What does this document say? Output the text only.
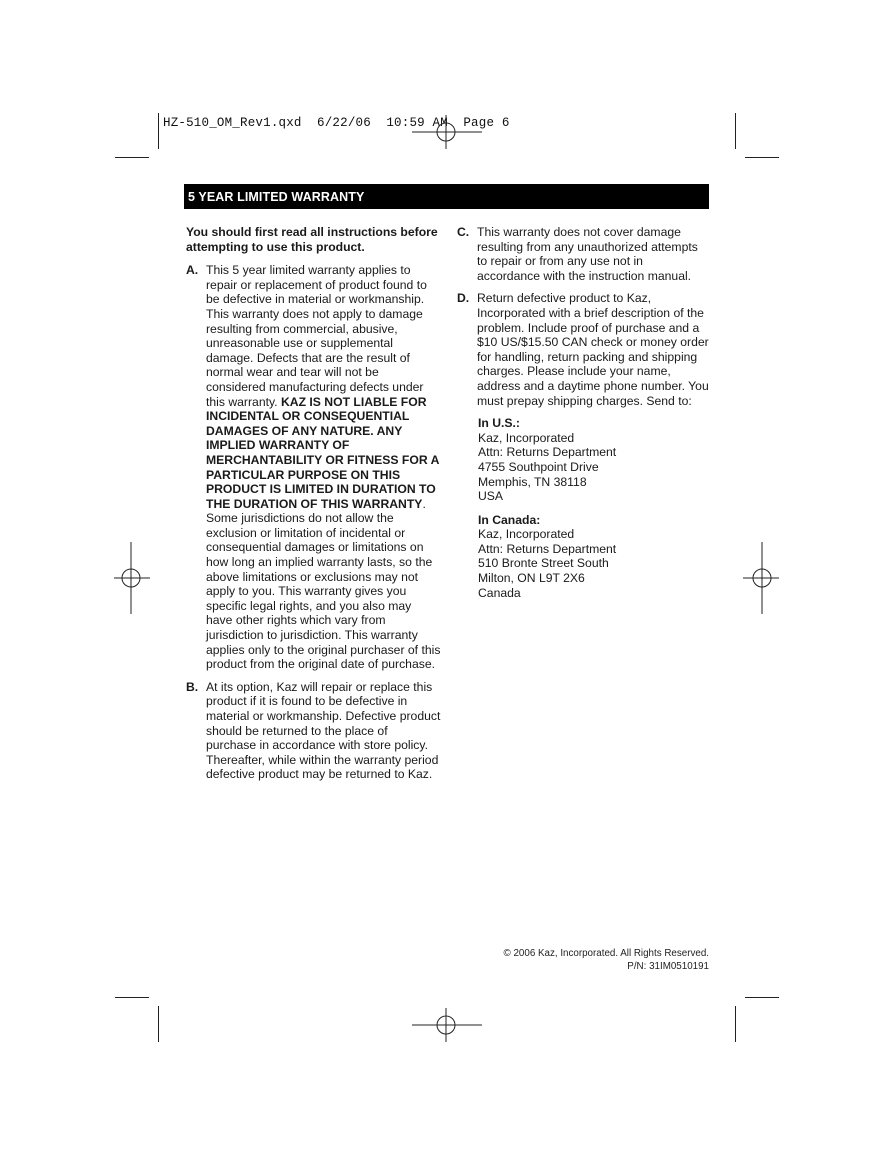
HZ-510_OM_Rev1.qxd  6/22/06  10:59 AM  Page 6
5 YEAR LIMITED WARRANTY

You should first read all instructions before attempting to use this product.

A. This 5 year limited warranty applies to repair or replacement of product found to be defective in material or workmanship. This warranty does not apply to damage resulting from commercial, abusive, unreasonable use or supplemental damage. Defects that are the result of normal wear and tear will not be considered manufacturing defects under this warranty. KAZ IS NOT LIABLE FOR INCIDENTAL OR CONSEQUENTIAL DAMAGES OF ANY NATURE. ANY IMPLIED WARRANTY OF MERCHANTABILITY OR FITNESS FOR A PARTICULAR PURPOSE ON THIS PRODUCT IS LIMITED IN DURATION TO THE DURATION OF THIS WARRANTY. Some jurisdictions do not allow the exclusion or limitation of incidental or consequential damages or limitations on how long an implied warranty lasts, so the above limitations or exclusions may not apply to you. This warranty gives you specific legal rights, and you also may have other rights which vary from jurisdiction to jurisdiction. This warranty applies only to the original purchaser of this product from the original date of purchase.

B. At its option, Kaz will repair or replace this product if it is found to be defective in material or workmanship. Defective product should be returned to the place of purchase in accordance with store policy. Thereafter, while within the warranty period defective product may be returned to Kaz.

C. This warranty does not cover damage resulting from any unauthorized attempts to repair or from any use not in accordance with the instruction manual.

D. Return defective product to Kaz, Incorporated with a brief description of the problem. Include proof of purchase and a $10 US/$15.50 CAN check or money order for handling, return packing and shipping charges. Please include your name, address and a daytime phone number. You must prepay shipping charges. Send to:

In U.S.:
Kaz, Incorporated
Attn: Returns Department
4755 Southpoint Drive
Memphis, TN 38118
USA
In Canada:
Kaz, Incorporated
Attn: Returns Department
510 Bronte Street South
Milton, ON L9T 2X6
Canada
© 2006 Kaz, Incorporated. All Rights Reserved.
P/N: 31IM0510191
